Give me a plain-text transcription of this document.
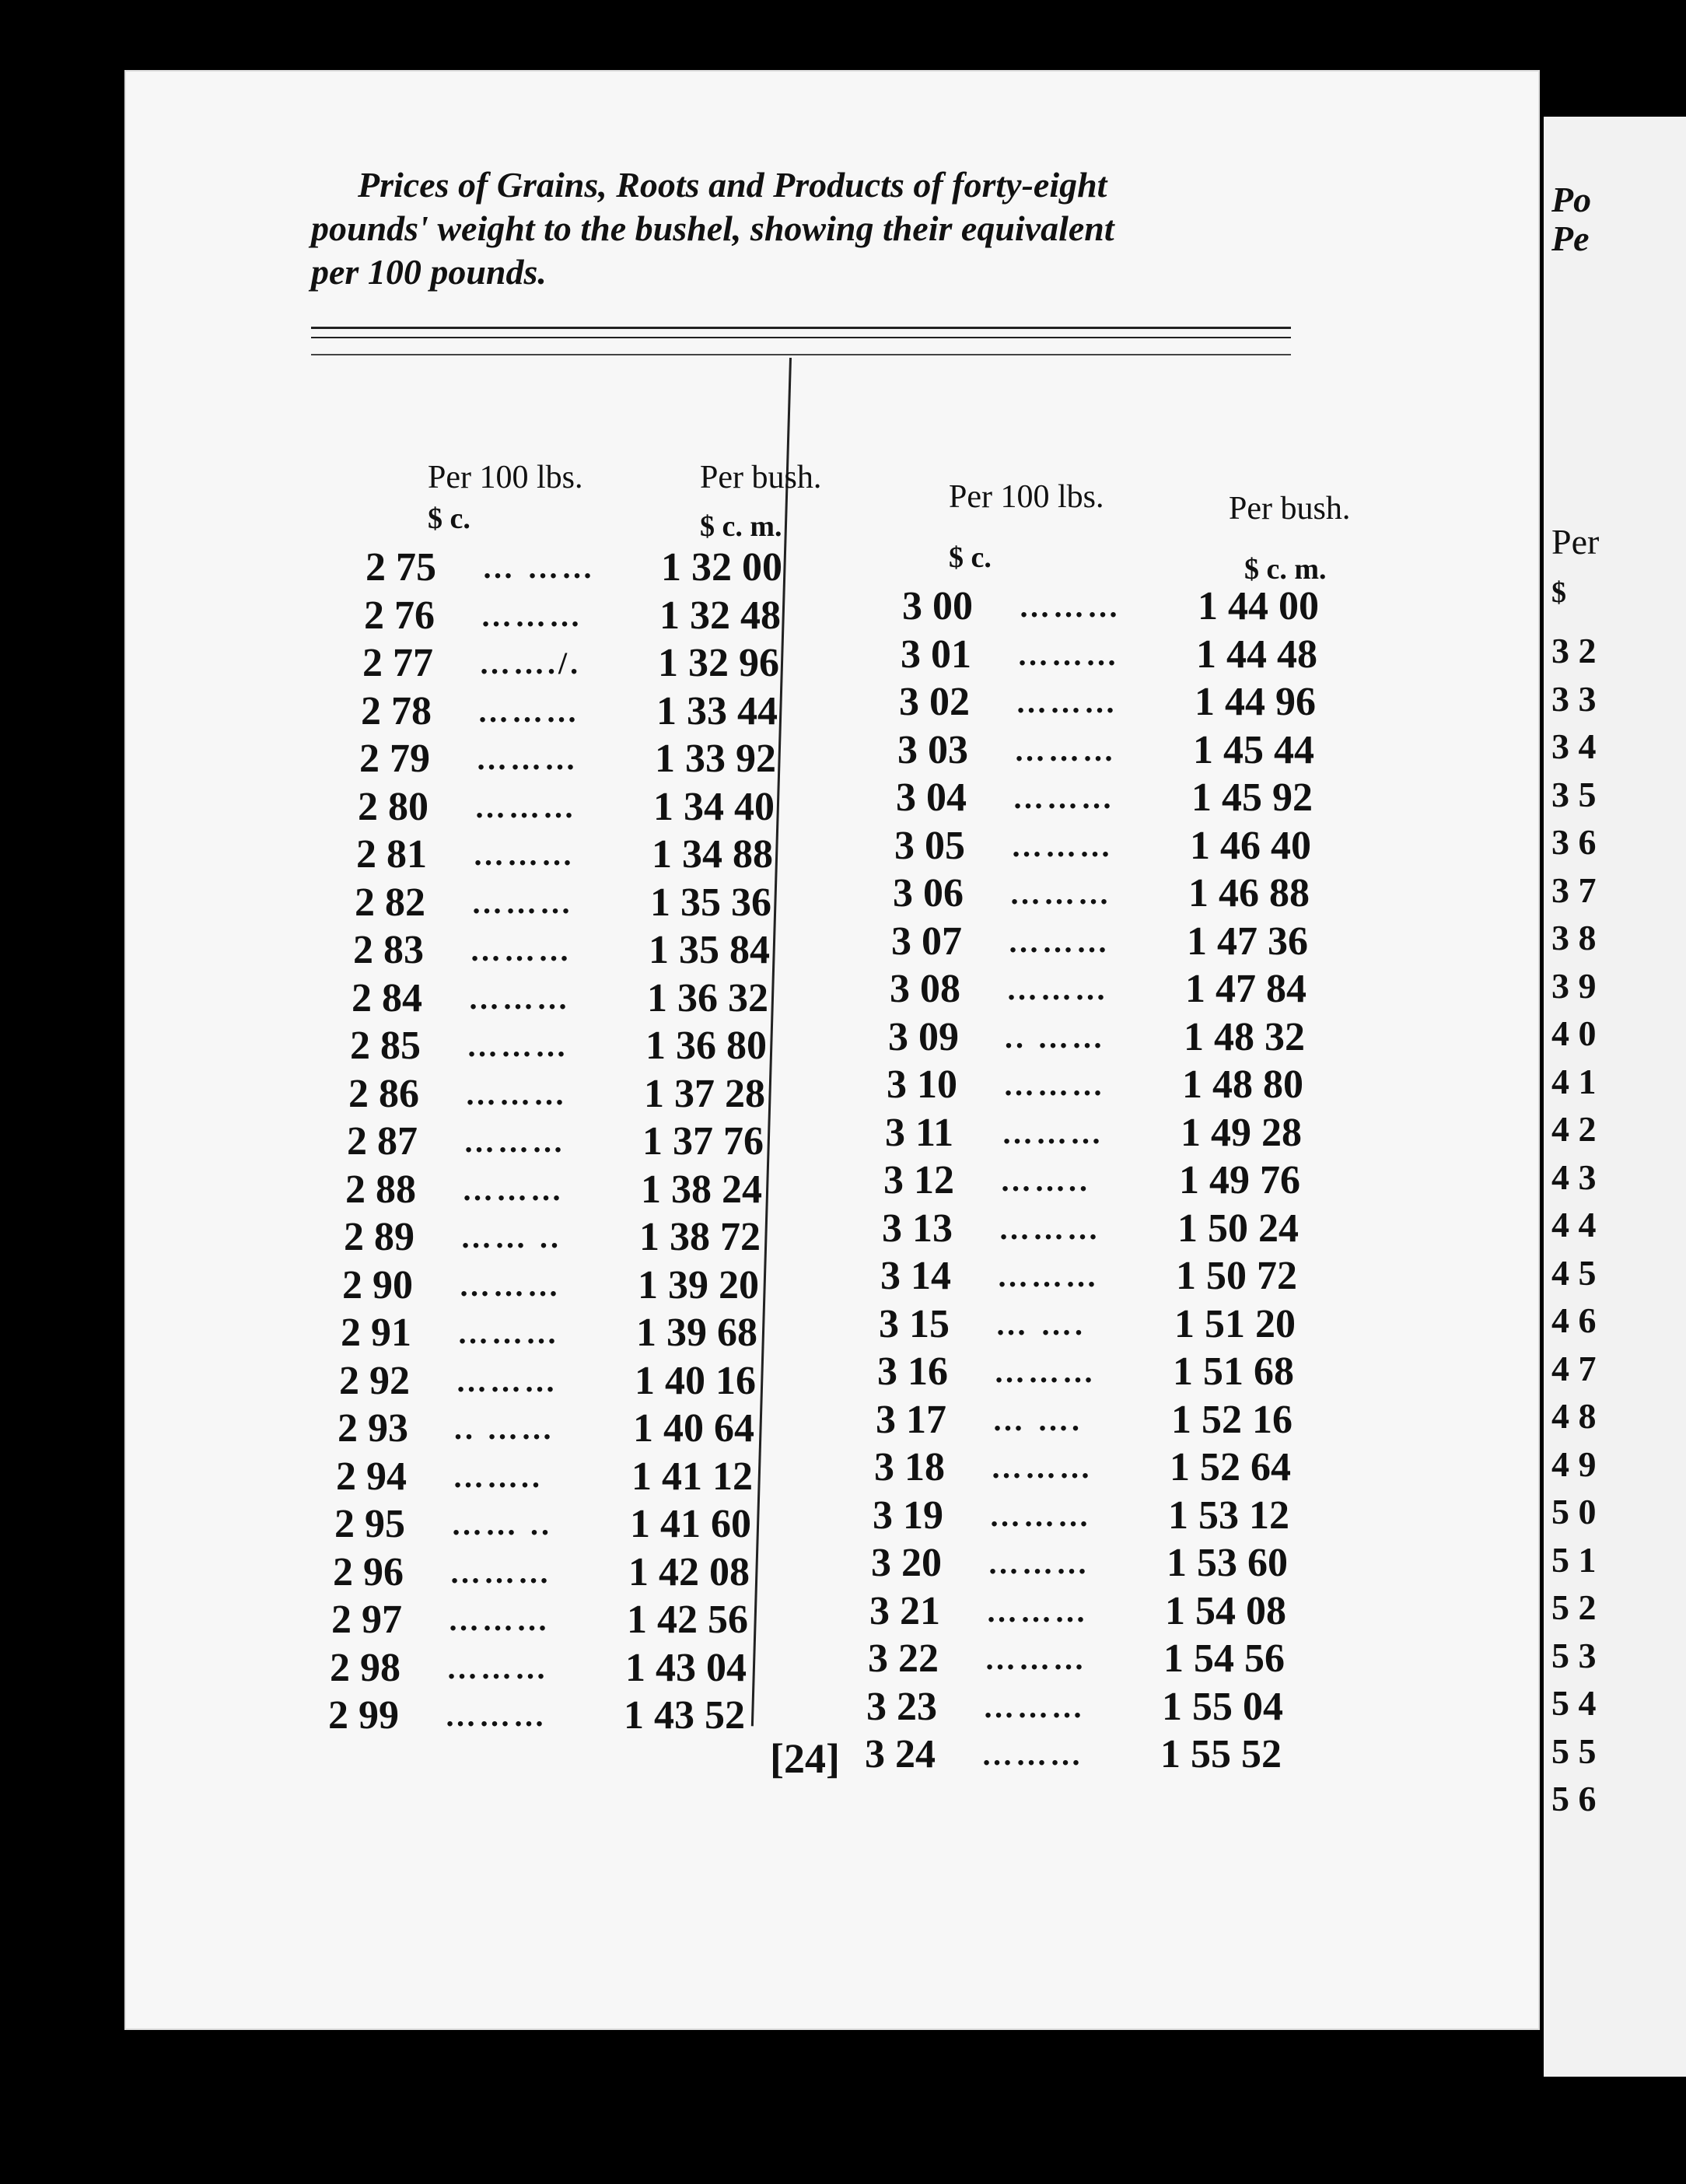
Po
Pe
Per
$
3 2
3 3
3 4
3 5
3 6
3 7
3 8
3 9
4 0
4 1
4 2
4 3
4 4
4 5
4 6
4 7
4 8
4 9
5 0
5 1
5 2
5 3
5 4
5 5
5 6
Prices of Grains, Roots and Products of forty-eight
pounds' weight to the bushel, showing their equivalent
per 100 pounds.
Per 100 lbs.	Per bush.
$ c.	$ c. m.
2 75	… ……	1 32 00
2 76	………	1 32 48
2 77	……./.	1 32 96
2 78	………	1 33 44
2 79	………	1 33 92
2 80	………	1 34 40
2 81	………	1 34 88
2 82	………	1 35 36
2 83	………	1 35 84
2 84	………	1 36 32
2 85	………	1 36 80
2 86	………	1 37 28
2 87	………	1 37 76
2 88	………	1 38 24
2 89	…… ..	1 38 72
2 90	………	1 39 20
2 91	………	1 39 68
2 92	………	1 40 16
2 93	.. ……	1 40 64
2 94	……..	1 41 12
2 95	…… ..	1 41 60
2 96	………	1 42 08
2 97	………	1 42 56
2 98	………	1 43 04
2 99	………	1 43 52
Per 100 lbs.	Per bush.
$ c.	$ c. m.
3 00	………	1 44 00
3 01	………	1 44 48
3 02	………	1 44 96
3 03	………	1 45 44
3 04	………	1 45 92
3 05	………	1 46 40
3 06	………	1 46 88
3 07	………	1 47 36
3 08	………	1 47 84
3 09	.. ……	1 48 32
3 10	………	1 48 80
3 11	………	1 49 28
3 12	……..	1 49 76
3 13	………	1 50 24
3 14	………	1 50 72
3 15	… ….	1 51 20
3 16	………	1 51 68
3 17	… ….	1 52 16
3 18	………	1 52 64
3 19	………	1 53 12
3 20	………	1 53 60
3 21	………	1 54 08
3 22	………	1 54 56
3 23	………	1 55 04
3 24	………	1 55 52
[24]
